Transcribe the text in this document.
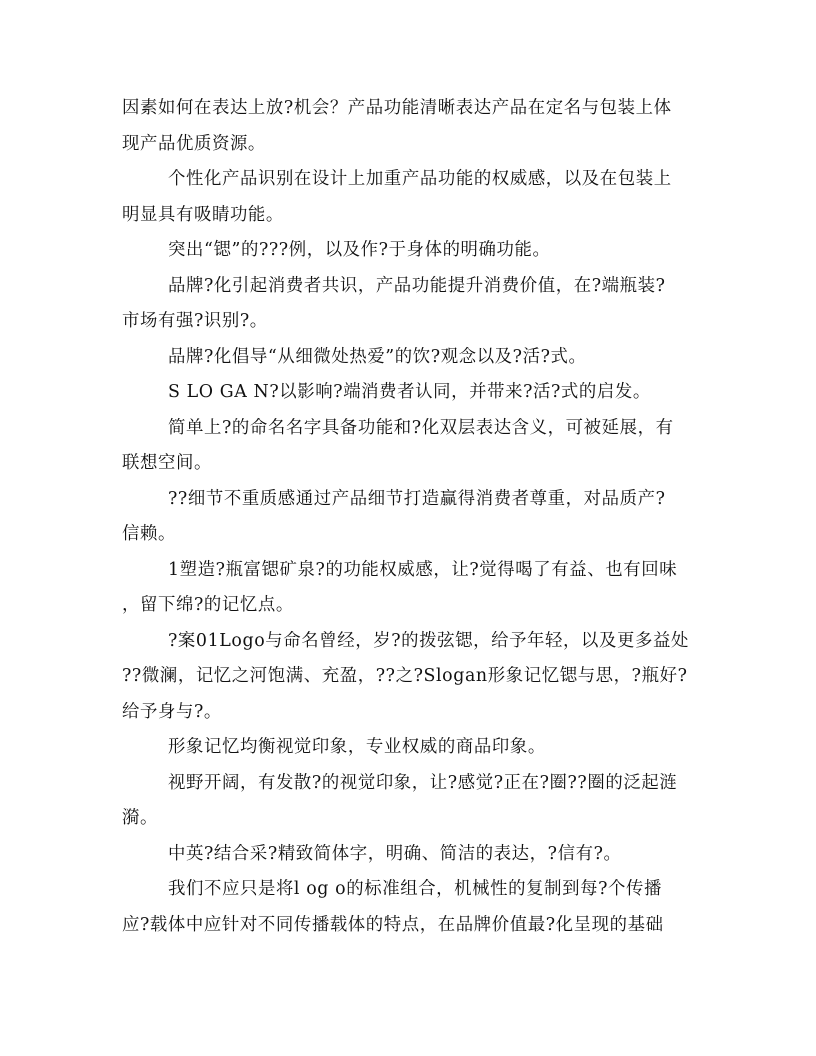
因素如何在表达上放?机会？产品功能清晰表达产品在定名与包装上体
现产品优质资源。
个性化产品识别在设计上加重产品功能的权威感，以及在包装上
明显具有吸睛功能。
突出“锶”的???例，以及作?于身体的明确功能。
品牌?化引起消费者共识，产品功能提升消费价值，在?端瓶装?
市场有强?识别?。
品牌?化倡导“从细微处热爱”的饮?观念以及?活?式。
S LO GA N?以影响?端消费者认同，并带来?活?式的启发。
简单上?的命名名字具备功能和?化双层表达含义，可被延展，有
联想空间。
??细节不重质感通过产品细节打造赢得消费者尊重，对品质产?
信赖。
1塑造?瓶富锶矿泉?的功能权威感，让?觉得喝了有益、也有回味
，留下绵?的记忆点。
?案01Logo与命名曾经，岁?的拨弦锶，给予年轻，以及更多益处
??微澜，记忆之河饱满、充盈，??之?Slogan形象记忆锶与思，?瓶好?
给予身与?。
形象记忆均衡视觉印象，专业权威的商品印象。
视野开阔，有发散?的视觉印象，让?感觉?正在?圈??圈的泛起涟
漪。
中英?结合采?精致简体字，明确、简洁的表达，?信有?。
我们不应只是将l og o的标准组合，机械性的复制到每?个传播
应?载体中应针对不同传播载体的特点，在品牌价值最?化呈现的基础
